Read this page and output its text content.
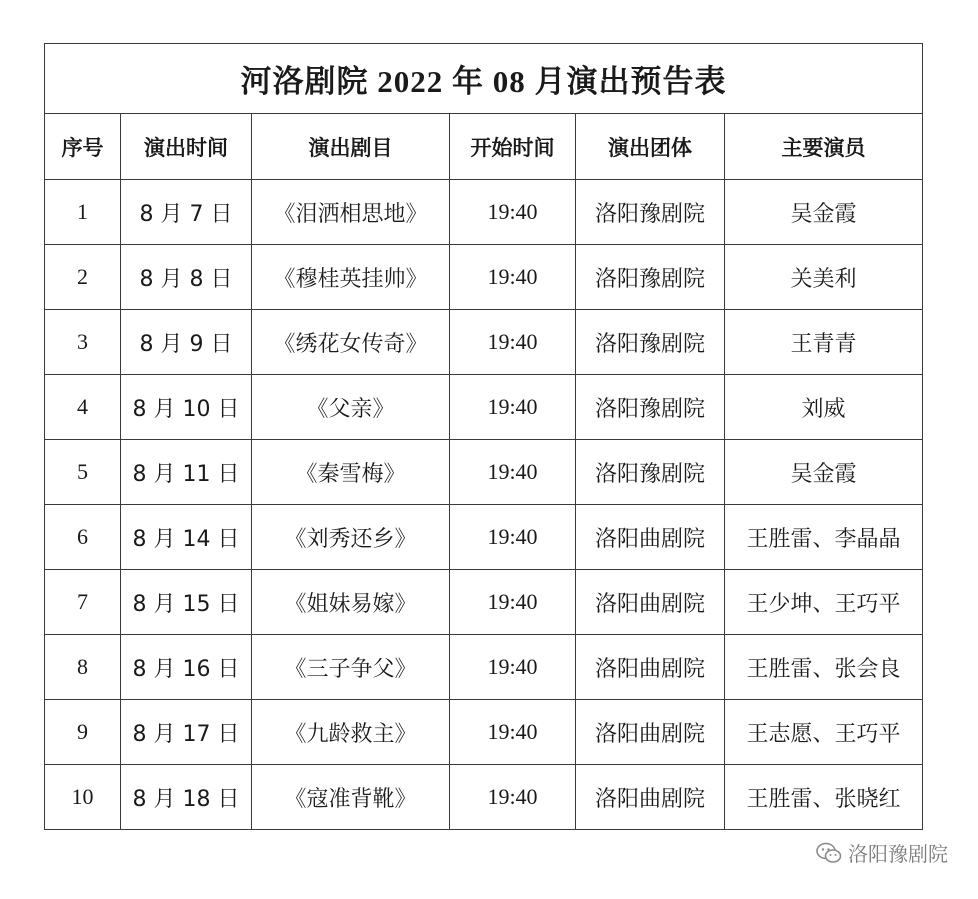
河洛剧院 2022 年 08 月演出预告表					
序号	演出时间	演出剧目	开始时间	演出团体	主要演员
1	8 月 7 日	《泪洒相思地》	19:40	洛阳豫剧院	吴金霞
2	8 月 8 日	《穆桂英挂帅》	19:40	洛阳豫剧院	关美利
3	8 月 9 日	《绣花女传奇》	19:40	洛阳豫剧院	王青青
4	8 月 10 日	《父亲》	19:40	洛阳豫剧院	刘威
5	8 月 11 日	《秦雪梅》	19:40	洛阳豫剧院	吴金霞
6	8 月 14 日	《刘秀还乡》	19:40	洛阳曲剧院	王胜雷、李晶晶
7	8 月 15 日	《姐妹易嫁》	19:40	洛阳曲剧院	王少坤、王巧平
8	8 月 16 日	《三子争父》	19:40	洛阳曲剧院	王胜雷、张会良
9	8 月 17 日	《九龄救主》	19:40	洛阳曲剧院	王志愿、王巧平
10	8 月 18 日	《寇准背靴》	19:40	洛阳曲剧院	王胜雷、张晓红
洛阳豫剧院
